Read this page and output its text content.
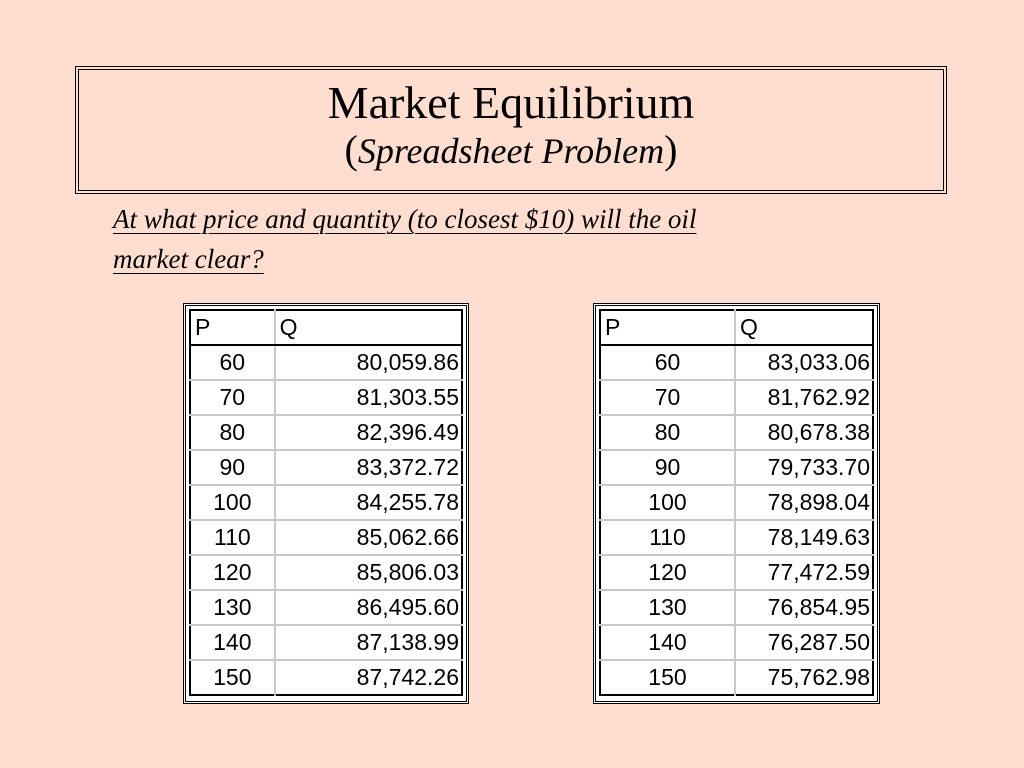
Market Equilibrium
(Spreadsheet Problem)
At what price and quantity (to closest $10) will the oil
market clear?
P	Q
60	80,059.86
70	81,303.55
80	82,396.49
90	83,372.72
100	84,255.78
110	85,062.66
120	85,806.03
130	86,495.60
140	87,138.99
150	87,742.26
P	Q
60	83,033.06
70	81,762.92
80	80,678.38
90	79,733.70
100	78,898.04
110	78,149.63
120	77,472.59
130	76,854.95
140	76,287.50
150	75,762.98
